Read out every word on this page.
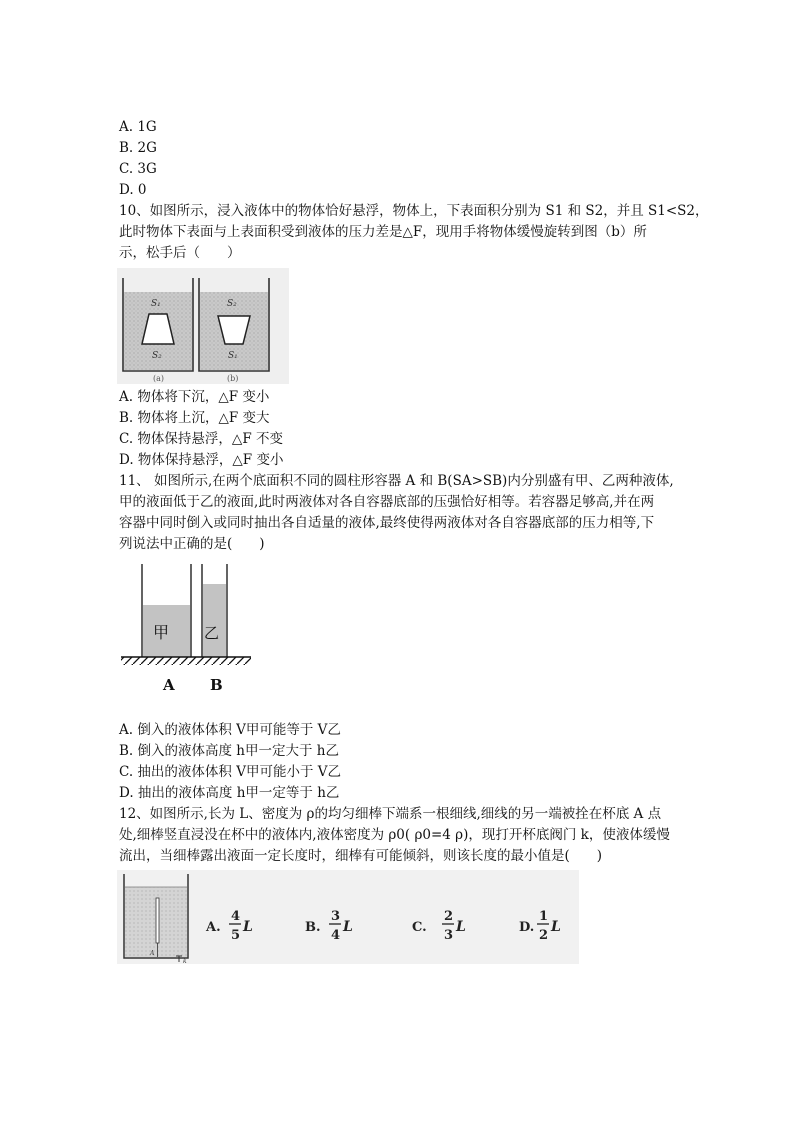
A. 1G
B. 2G
C. 3G
D. 0
10、如图所示，浸入液体中的物体恰好悬浮，物体上，下表面积分别为 S1 和 S2，并且 S1<S2，
此时物体下表面与上表面积受到液体的压力差是△F，现用手将物体缓慢旋转到图（b）所
示，松手后（　　）
S₁
S₂
(a)
S₂
S₁
(b)
A. 物体将下沉，△F 变小
B. 物体将上沉，△F 变大
C. 物体保持悬浮，△F 不变
D. 物体保持悬浮，△F 变小
11、 如图所示,在两个底面积不同的圆柱形容器 A 和 B(SA>SB)内分别盛有甲、乙两种液体,
甲的液面低于乙的液面,此时两液体对各自容器底部的压强恰好相等。若容器足够高,并在两
容器中同时倒入或同时抽出各自适量的液体,最终使得两液体对各自容器底部的压力相等,下
列说法中正确的是(　　)
甲 乙
A B
A. 倒入的液体体积 V甲可能等于 V乙
B. 倒入的液体高度 h甲一定大于 h乙
C. 抽出的液体体积 V甲可能小于 V乙
D. 抽出的液体高度 h甲一定等于 h乙
12、如图所示,长为 L、密度为 ρ的均匀细棒下端系一根细线,细线的另一端被拴在杯底 A 点
处,细棒竖直浸没在杯中的液体内,液体密度为 ρ0( ρ0=4 ρ)，现打开杯底阀门 k，使液体缓慢
流出，当细棒露出液面一定长度时，细棒有可能倾斜，则该长度的最小值是(　　)
A
k
A.
4
5
L	B.
3
4
L	C.
2
3
L	D.
1
2
L
